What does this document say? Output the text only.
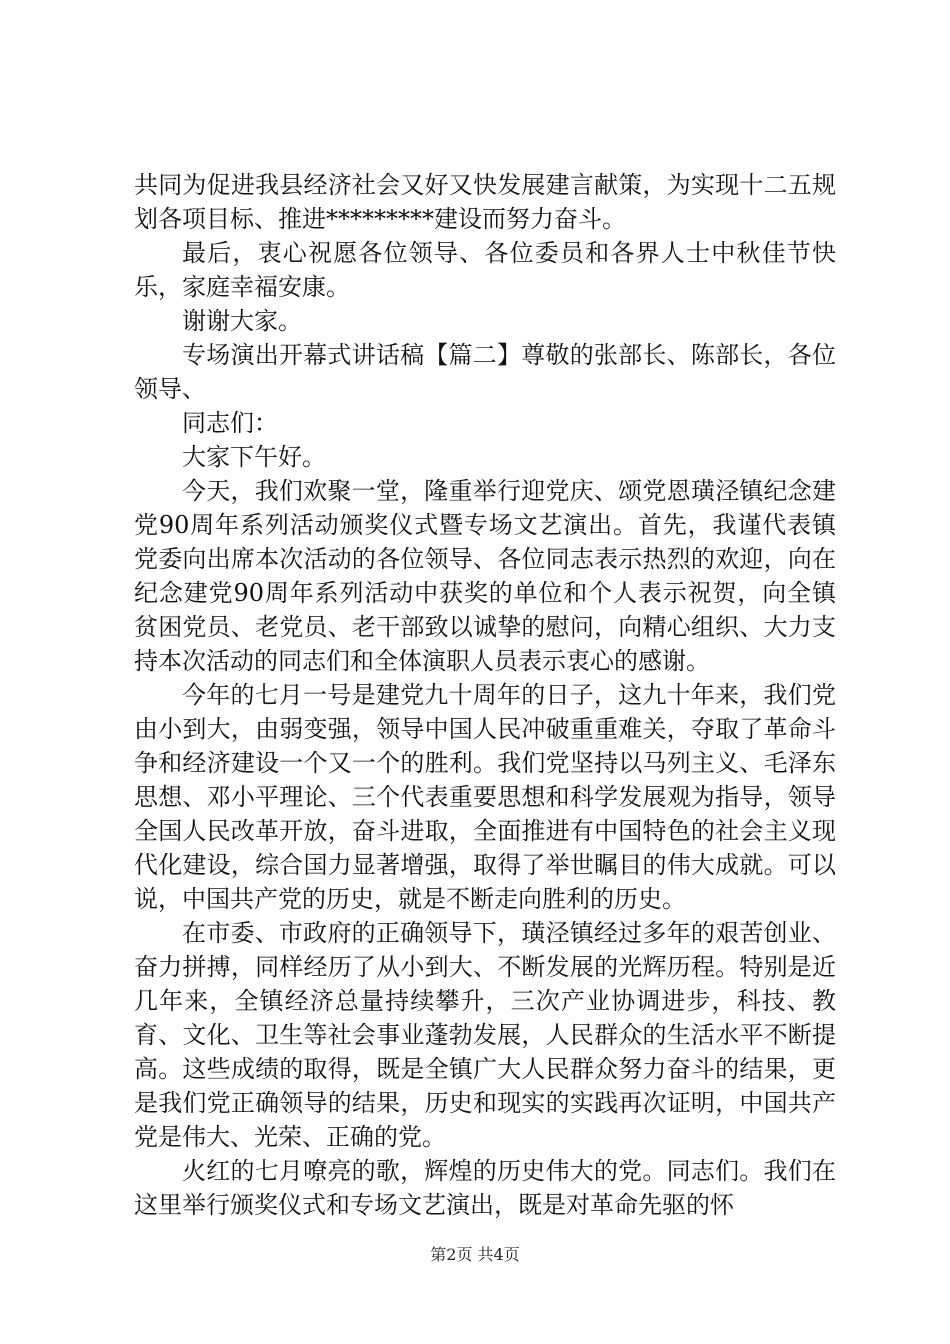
共同为促进我县经济社会又好又快发展建言献策，为实现十二五规划各项目标、推进*********建设而努力奋斗。

最后，衷心祝愿各位领导、各位委员和各界人士中秋佳节快乐，家庭幸福安康。

谢谢大家。

专场演出开幕式讲话稿【篇二】尊敬的张部长、陈部长，各位领导、

同志们：

大家下午好。

今天，我们欢聚一堂，隆重举行迎党庆、颂党恩璜泾镇纪念建党90周年系列活动颁奖仪式暨专场文艺演出。首先，我谨代表镇党委向出席本次活动的各位领导、各位同志表示热烈的欢迎，向在纪念建党90周年系列活动中获奖的单位和个人表示祝贺，向全镇贫困党员、老党员、老干部致以诚挚的慰问，向精心组织、大力支持本次活动的同志们和全体演职人员表示衷心的感谢。

今年的七月一号是建党九十周年的日子，这九十年来，我们党由小到大，由弱变强，领导中国人民冲破重重难关，夺取了革命斗争和经济建设一个又一个的胜利。我们党坚持以马列主义、毛泽东思想、邓小平理论、三个代表重要思想和科学发展观为指导，领导全国人民改革开放，奋斗进取，全面推进有中国特色的社会主义现代化建设，综合国力显著增强，取得了举世瞩目的伟大成就。可以说，中国共产党的历史，就是不断走向胜利的历史。

在市委、市政府的正确领导下，璜泾镇经过多年的艰苦创业、奋力拼搏，同样经历了从小到大、不断发展的光辉历程。特别是近几年来，全镇经济总量持续攀升，三次产业协调进步，科技、教育、文化、卫生等社会事业蓬勃发展，人民群众的生活水平不断提高。这些成绩的取得，既是全镇广大人民群众努力奋斗的结果，更是我们党正确领导的结果，历史和现实的实践再次证明，中国共产党是伟大、光荣、正确的党。

火红的七月嘹亮的歌，辉煌的历史伟大的党。同志们。我们在这里举行颁奖仪式和专场文艺演出，既是对革命先驱的怀

第2页 共4页
